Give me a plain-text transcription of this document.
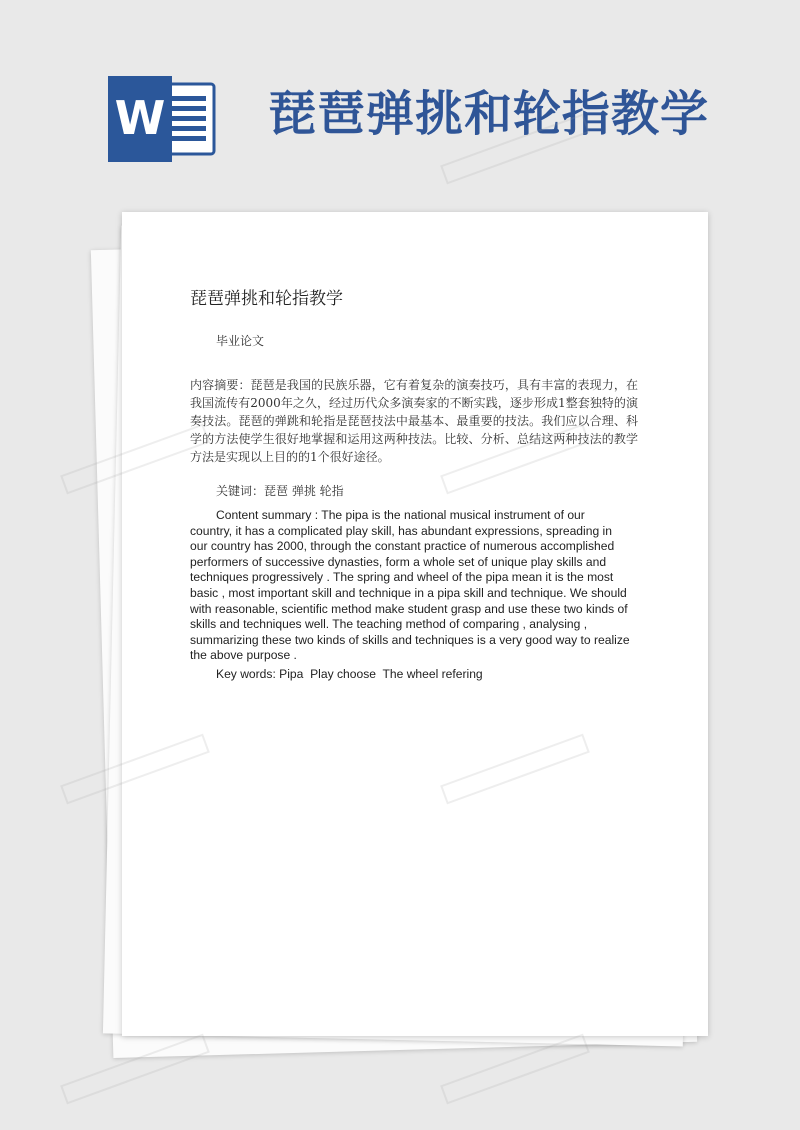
W 琵琶弹挑和轮指教学
琵琶弹挑和轮指教学
毕业论文

内容摘要：琵琶是我国的民族乐器，它有着复杂的演奏技巧，具有丰富的表现力，在我国流传有2000年之久，经过历代众多演奏家的不断实践，逐步形成1整套独特的演奏技法。琵琶的弹跳和轮指是琵琶技法中最基本、最重要的技法。我们应以合理、科学的方法使学生很好地掌握和运用这两种技法。比较、分析、总结这两种技法的教学方法是实现以上目的的1个很好途径。

关键词：琵琶 弹挑 轮指

Content summary : The pipa is the national musical instrument of our country, it has a complicated play skill, has abundant expressions, spreading in our country has 2000, through the constant practice of numerous accomplished performers of successive dynasties, form a whole set of unique play skills and techniques progressively . The spring and wheel of the pipa mean it is the most basic , most important skill and technique in a pipa skill and technique. We should with reasonable, scientific method make student grasp and use these two kinds of skills and techniques well. The teaching method of comparing , analysing , summarizing these two kinds of skills and techniques is a very good way to realize the above purpose .

Key words: Pipa  Play choose  The wheel refering
